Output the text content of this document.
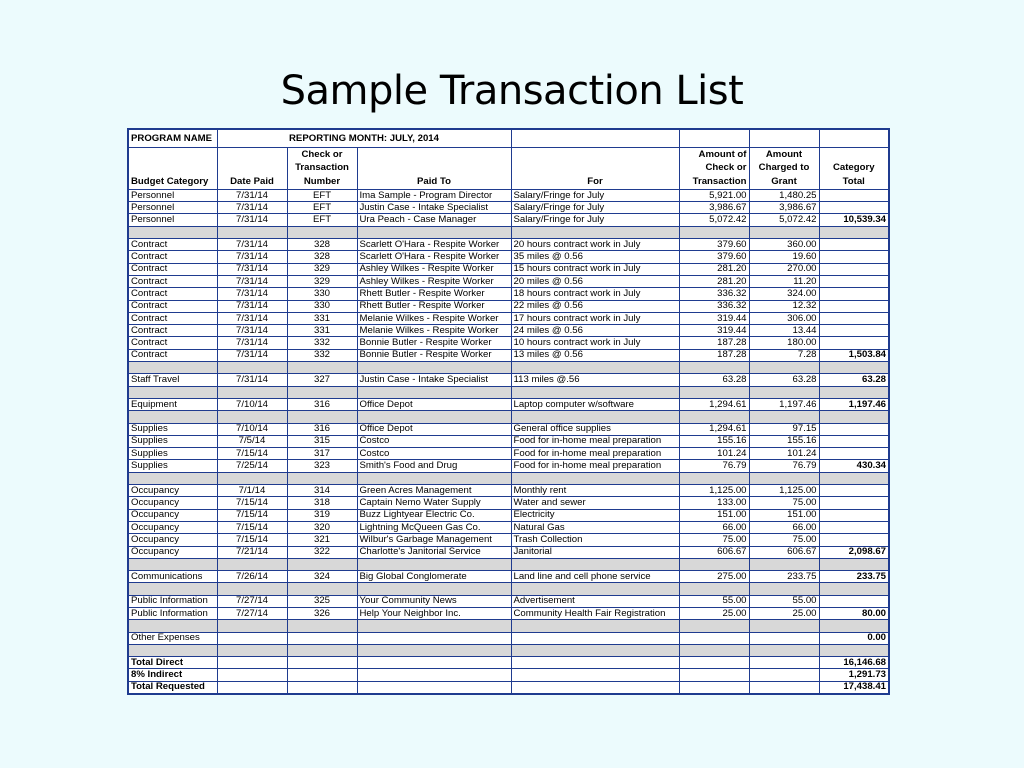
Sample Transaction List
PROGRAM NAME	REPORTING MONTH: JULY, 2014						
Budget Category	Date Paid	Check or Transaction Number	Paid To	For	Amount of Check or Transaction	Amount Charged to Grant	Category Total
Personnel	7/31/14	EFT	Ima Sample - Program Director	Salary/Fringe for July	5,921.00	1,480.25	
Personnel	7/31/14	EFT	Justin Case - Intake Specialist	Salary/Fringe for July	3,986.67	3,986.67	
Personnel	7/31/14	EFT	Ura Peach - Case Manager	Salary/Fringe for July	5,072.42	5,072.42	10,539.34

Contract	7/31/14	328	Scarlett O'Hara - Respite Worker	20 hours contract work in July	379.60	360.00	
Contract	7/31/14	328	Scarlett O'Hara - Respite Worker	35 miles @ 0.56	379.60	19.60	
Contract	7/31/14	329	Ashley Wilkes - Respite Worker	15 hours contract work in July	281.20	270.00	
Contract	7/31/14	329	Ashley Wilkes - Respite Worker	20 miles @ 0.56	281.20	11.20	
Contract	7/31/14	330	Rhett Butler - Respite Worker	18 hours contract work in July	336.32	324.00	
Contract	7/31/14	330	Rhett Butler - Respite Worker	22 miles @ 0.56	336.32	12.32	
Contract	7/31/14	331	Melanie Wilkes - Respite Worker	17 hours contract work in July	319.44	306.00	
Contract	7/31/14	331	Melanie Wilkes - Respite Worker	24 miles @ 0.56	319.44	13.44	
Contract	7/31/14	332	Bonnie Butler - Respite Worker	10 hours contract work in July	187.28	180.00	
Contract	7/31/14	332	Bonnie Butler - Respite Worker	13 miles @ 0.56	187.28	7.28	1,503.84

Staff Travel	7/31/14	327	Justin Case - Intake Specialist	113 miles @.56	63.28	63.28	63.28

Equipment	7/10/14	316	Office Depot	Laptop computer w/software	1,294.61	1,197.46	1,197.46

Supplies	7/10/14	316	Office Depot	General office supplies	1,294.61	97.15	
Supplies	7/5/14	315	Costco	Food for in-home meal preparation	155.16	155.16	
Supplies	7/15/14	317	Costco	Food for in-home meal preparation	101.24	101.24	
Supplies	7/25/14	323	Smith's Food and Drug	Food for in-home meal preparation	76.79	76.79	430.34

Occupancy	7/1/14	314	Green Acres Management	Monthly rent	1,125.00	1,125.00	
Occupancy	7/15/14	318	Captain Nemo Water Supply	Water and sewer	133.00	75.00	
Occupancy	7/15/14	319	Buzz Lightyear Electric Co.	Electricity	151.00	151.00	
Occupancy	7/15/14	320	Lightning McQueen Gas Co.	Natural Gas	66.00	66.00	
Occupancy	7/15/14	321	Wilbur's Garbage Management	Trash Collection	75.00	75.00	
Occupancy	7/21/14	322	Charlotte's Janitorial Service	Janitorial	606.67	606.67	2,098.67

Communications	7/26/14	324	Big Global Conglomerate	Land line and cell phone service	275.00	233.75	233.75

Public Information	7/27/14	325	Your Community News	Advertisement	55.00	55.00	
Public Information	7/27/14	326	Help Your Neighbor Inc.	Community Health Fair Registration	25.00	25.00	80.00

Other Expenses							0.00

Total Direct							16,146.68
8% Indirect							1,291.73
Total Requested							17,438.41
